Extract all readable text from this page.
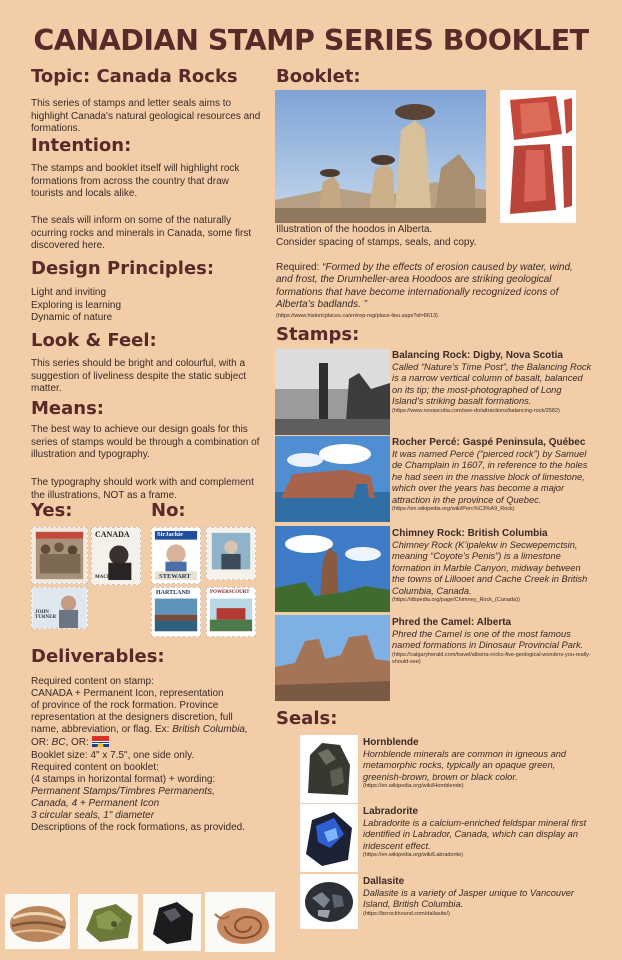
CANADIAN STAMP SERIES BOOKLET
Topic: Canada Rocks
This series of stamps and letter seals aims to highlight Canada's natural geological resources and formations.
Intention:
The stamps and booklet itself will highlight rock formations from across the country that draw tourists and locals alike.
The seals will inform on some of the naturally ocurring rocks and minerals in Canada, some first discovered here.
Design Principles:
Light and inviting
Exploring is learning
Dynamic of nature
Look & Feel:
This series should be bright and colourful, with a suggestion of liveliness despite the static subject matter.
Means:
The best way to achieve our design goals for this series of stamps would be through a combination of illustration and typography.
The typography should work with and complement the illustrations, NOT as a frame.
Yes:	No:
CANADA
MACDONALD
JOHN TURNER
SirJackie
STEWART
HARTLAND	POWERSCOURT
Deliverables:
Required content on stamp:
CANADA + Permanent Icon, representation
of province of the rock formation. Province
representation at the designers discretion, full
name, abbreviation, or flag. Ex: British Columbia,
OR: BC, OR:
Booklet size: 4" x 7.5", one side only.
Required content on booklet:
(4 stamps in horizontal format) + wording:
Permanent Stamps/Timbres Permanents,
Canada, 4 + Permanent Icon
3 circular seals, 1" diameter
Descriptions of the rock formations, as provided.
Booklet:
Illustration of the hoodos in Alberta.
Consider spacing of stamps, seals, and copy.
Required: “Formed by the effects of erosion caused by water, wind, and frost, the Drumheller-area Hoodoos are striking geological formations that have become internationally recognized icons of Alberta’s badlands. ”
(https://www.historicplaces.ca/en/rep-reg/place-lieu.aspx?id=8613)
Stamps:
Balancing Rock: Digby, Nova Scotia
Called “Nature’s Time Post”, the Balancing Rock is a narrow vertical column of basalt, balanced on its tip; the most-photographed of Long Island’s striking basalt formations.
(https://www.novascotia.com/see-do/attractions/balancing-rock/2582)
Rocher Percé: Gaspé Peninsula, Québec
It was named Percé (“pierced rock”) by Samuel de Champlain in 1607, in reference to the holes he had seen in the massive block of limestone, which over the years has become a major attraction in the province of Quebec.
(https://en.wikipedia.org/wiki/Perc%C3%A9_Rock)
Chimney Rock: British Columbia
Chimney Rock (K’ipalekw in Secwepemctsin, meaning “Coyote’s Penis”) is a limestone formation in Marble Canyon, midway between the towns of Lillooet and Cache Creek in British Columbia, Canada.
(https://dbpedia.org/page/Chimney_Rock_(Canada))
Phred the Camel: Alberta
Phred the Camel is one of the most famous named formations in Dinosaur Provincial Park.
(https://calgaryherald.com/travel/alberta-rocks-five-geological-wonders-you-really-should-see)
Seals:
Hornblende
Hornblende minerals are common in igneous and metamorphic rocks, typically an opaque green, greenish-brown, brown or black color.
(https://en.wikipedia.org/wiki/Hornblende)
Labradorite
Labradorite is a calcium-enriched feldspar mineral first identified in Labrador, Canada, which can display an iridescent effect.
(https://en.wikipedia.org/wiki/Labradorite)
Dallasite
Dallasite is a variety of Jasper unique to Vancouver Island, British Columbia.
(https://bcrockhound.com/dallasite/)
